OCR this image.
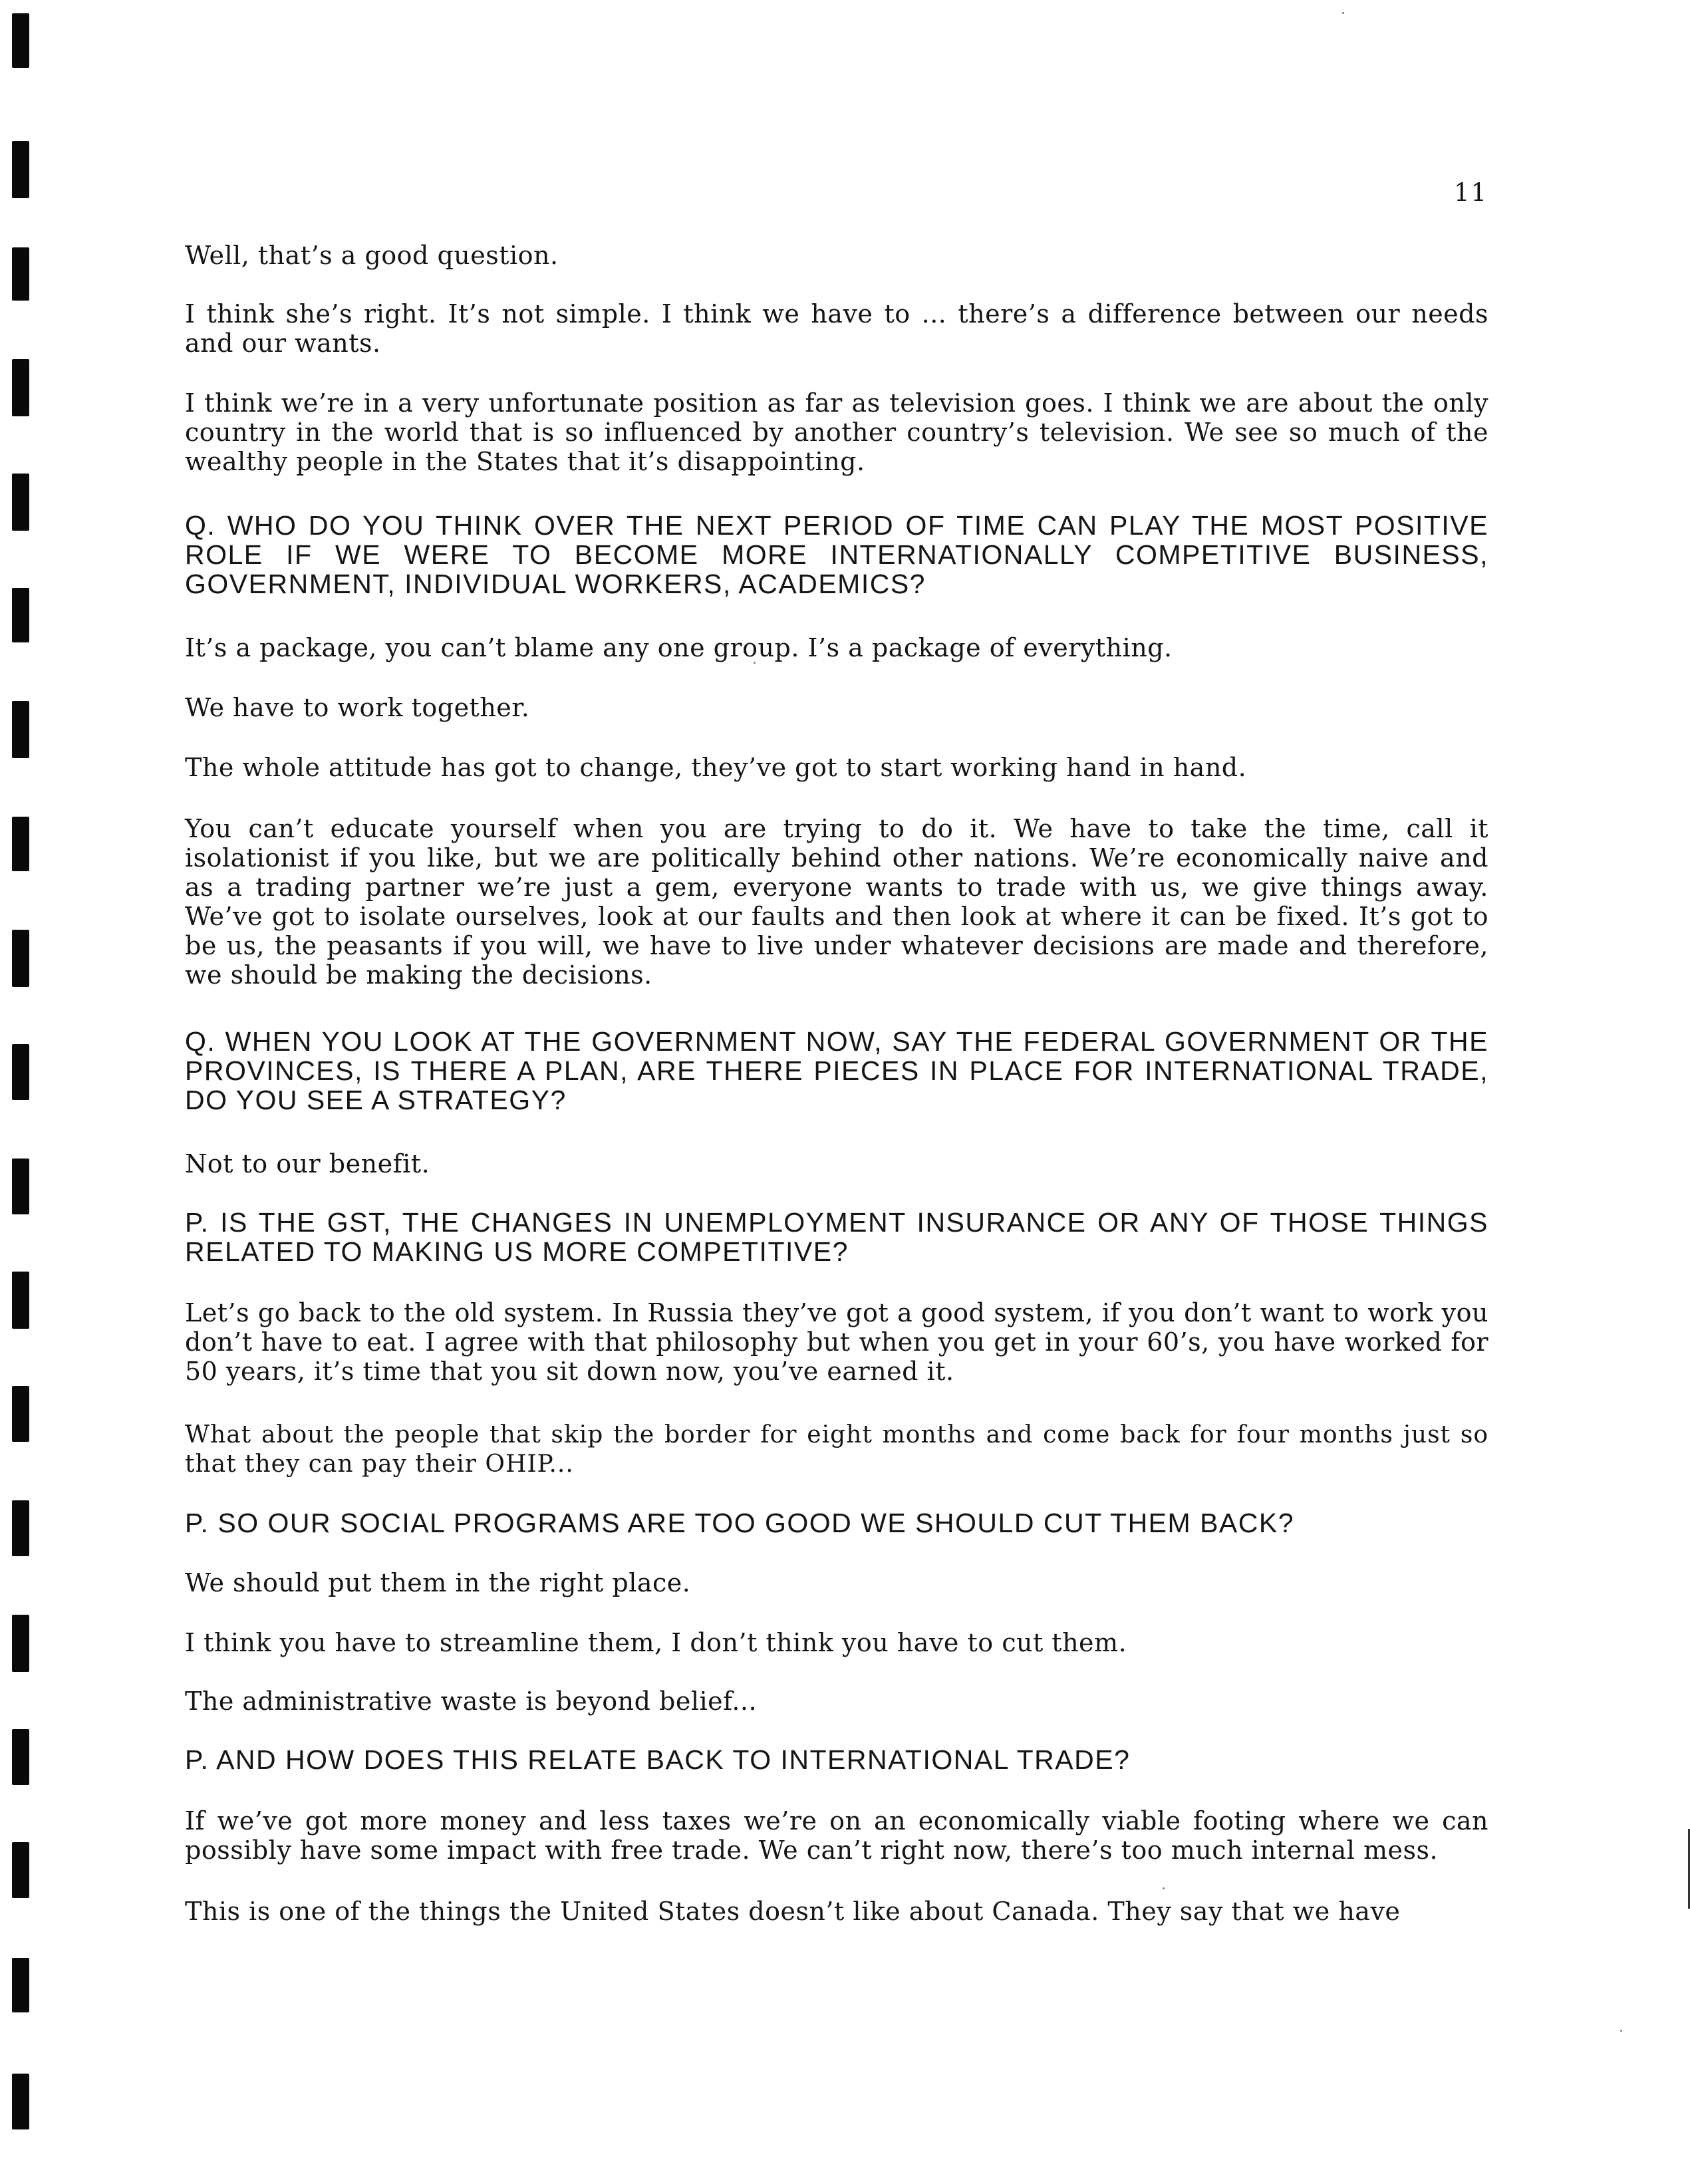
11
Well, that’s a good question.
I think she’s right. It’s not simple. I think we have to ... there’s a difference between our needs and our wants.
I think we’re in a very unfortunate position as far as television goes. I think we are about the only country in the world that is so influenced by another country’s television. We see so much of the wealthy people in the States that it’s disappointing.
Q. WHO DO YOU THINK OVER THE NEXT PERIOD OF TIME CAN PLAY THE MOST POSITIVE ROLE IF WE WERE TO BECOME MORE INTERNATIONALLY COMPETITIVE BUSINESS, GOVERNMENT, INDIVIDUAL WORKERS, ACADEMICS?
It’s a package, you can’t blame any one group. I’s a package of everything.
We have to work together.
The whole attitude has got to change, they’ve got to start working hand in hand.
You can’t educate yourself when you are trying to do it. We have to take the time, call it isolationist if you like, but we are politically behind other nations. We’re economically naive and as a trading partner we’re just a gem, everyone wants to trade with us, we give things away. We’ve got to isolate ourselves, look at our faults and then look at where it can be fixed. It’s got to be us, the peasants if you will, we have to live under whatever decisions are made and therefore, we should be making the decisions.
Q. WHEN YOU LOOK AT THE GOVERNMENT NOW, SAY THE FEDERAL GOVERNMENT OR THE PROVINCES, IS THERE A PLAN, ARE THERE PIECES IN PLACE FOR INTERNATIONAL TRADE, DO YOU SEE A STRATEGY?
Not to our benefit.
P. IS THE GST, THE CHANGES IN UNEMPLOYMENT INSURANCE OR ANY OF THOSE THINGS RELATED TO MAKING US MORE COMPETITIVE?
Let’s go back to the old system. In Russia they’ve got a good system, if you don’t want to work you don’t have to eat. I agree with that philosophy but when you get in your 60’s, you have worked for 50 years, it’s time that you sit down now, you’ve earned it.
What about the people that skip the border for eight months and come back for four months just so that they can pay their OHIP...
P. SO OUR SOCIAL PROGRAMS ARE TOO GOOD WE SHOULD CUT THEM BACK?
We should put them in the right place.
I think you have to streamline them, I don’t think you have to cut them.
The administrative waste is beyond belief...
P. AND HOW DOES THIS RELATE BACK TO INTERNATIONAL TRADE?
If we’ve got more money and less taxes we’re on an economically viable footing where we can possibly have some impact with free trade. We can’t right now, there’s too much internal mess.
This is one of the things the United States doesn’t like about Canada. They say that we have
